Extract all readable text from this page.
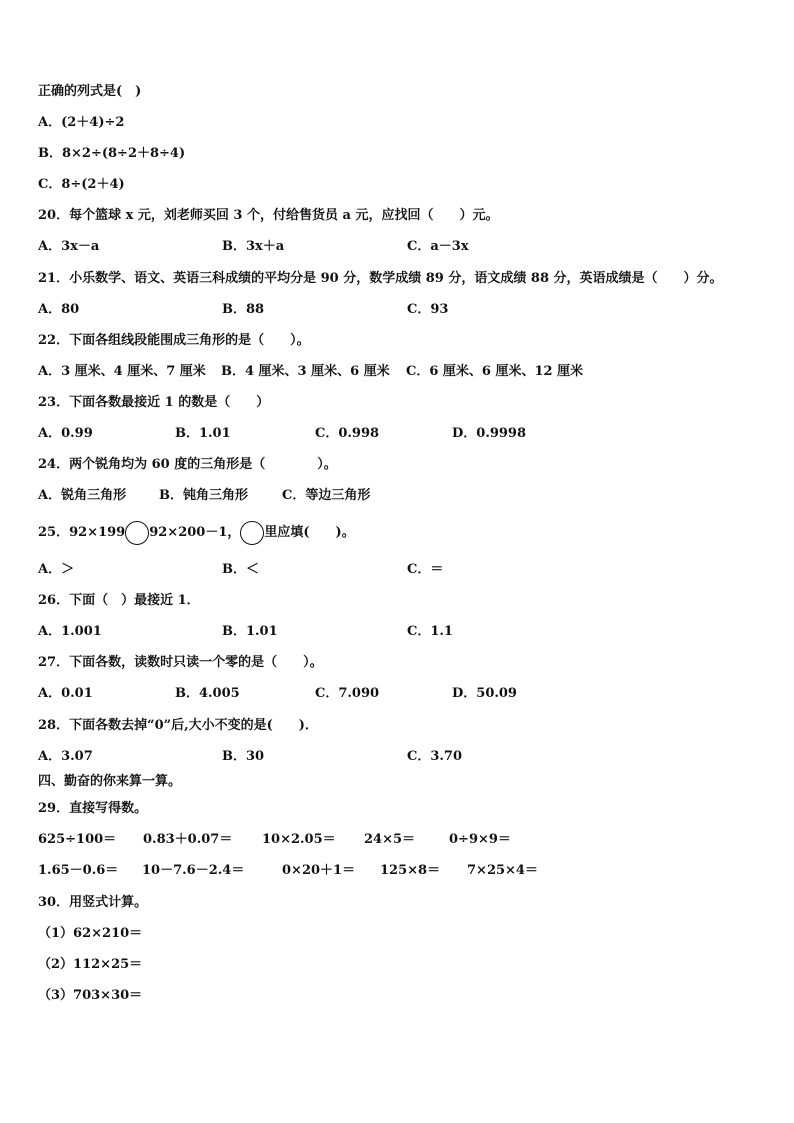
正确的列式是(　)
A．(2＋4)÷2
B．8×2÷(8÷2＋8÷4)
C．8÷(2＋4)
20．每个篮球 x 元，刘老师买回 3 个，付给售货员 a 元，应找回（　　）元。
A．3x－a	B．3x＋a	C．a－3x
21．小乐数学、语文、英语三科成绩的平均分是 90 分，数学成绩 89 分，语文成绩 88 分，英语成绩是（　　）分。
A．80	B．88	C．93
22．下面各组线段能围成三角形的是（　　）。
A．3 厘米、4 厘米、7 厘米 B．4 厘米、3 厘米、6 厘米 C．6 厘米、6 厘米、12 厘米
23．下面各数最接近 1 的数是（　　）
A．0.99	B．1.01	C．0.998	D．0.9998
24．两个锐角均为 60 度的三角形是（　　　　）。
A．锐角三角形	B．钝角三角形	C．等边三角形
25．92×199 92×200－1， 里应填(　　)。
A．＞	B．＜	C．＝
26．下面（　）最接近 1．
A．1.001	B．1.01	C．1.1
27．下面各数，读数时只读一个零的是（　　）。
A．0.01	B．4.005	C．7.090	D．50.09
28．下面各数去掉“0”后,大小不变的是(　　)．
A．3.07	B．30	C．3.70
四、勤奋的你来算一算。
29．直接写得数。
625÷100＝ 0.83＋0.07＝ 10×2.05＝ 24×5＝	0÷9×9＝
1.65－0.6＝ 10－7.6－2.4＝	0×20＋1＝ 125×8＝ 7×25×4＝
30．用竖式计算。
（1）62×210＝
（2）112×25＝
（3）703×30＝
